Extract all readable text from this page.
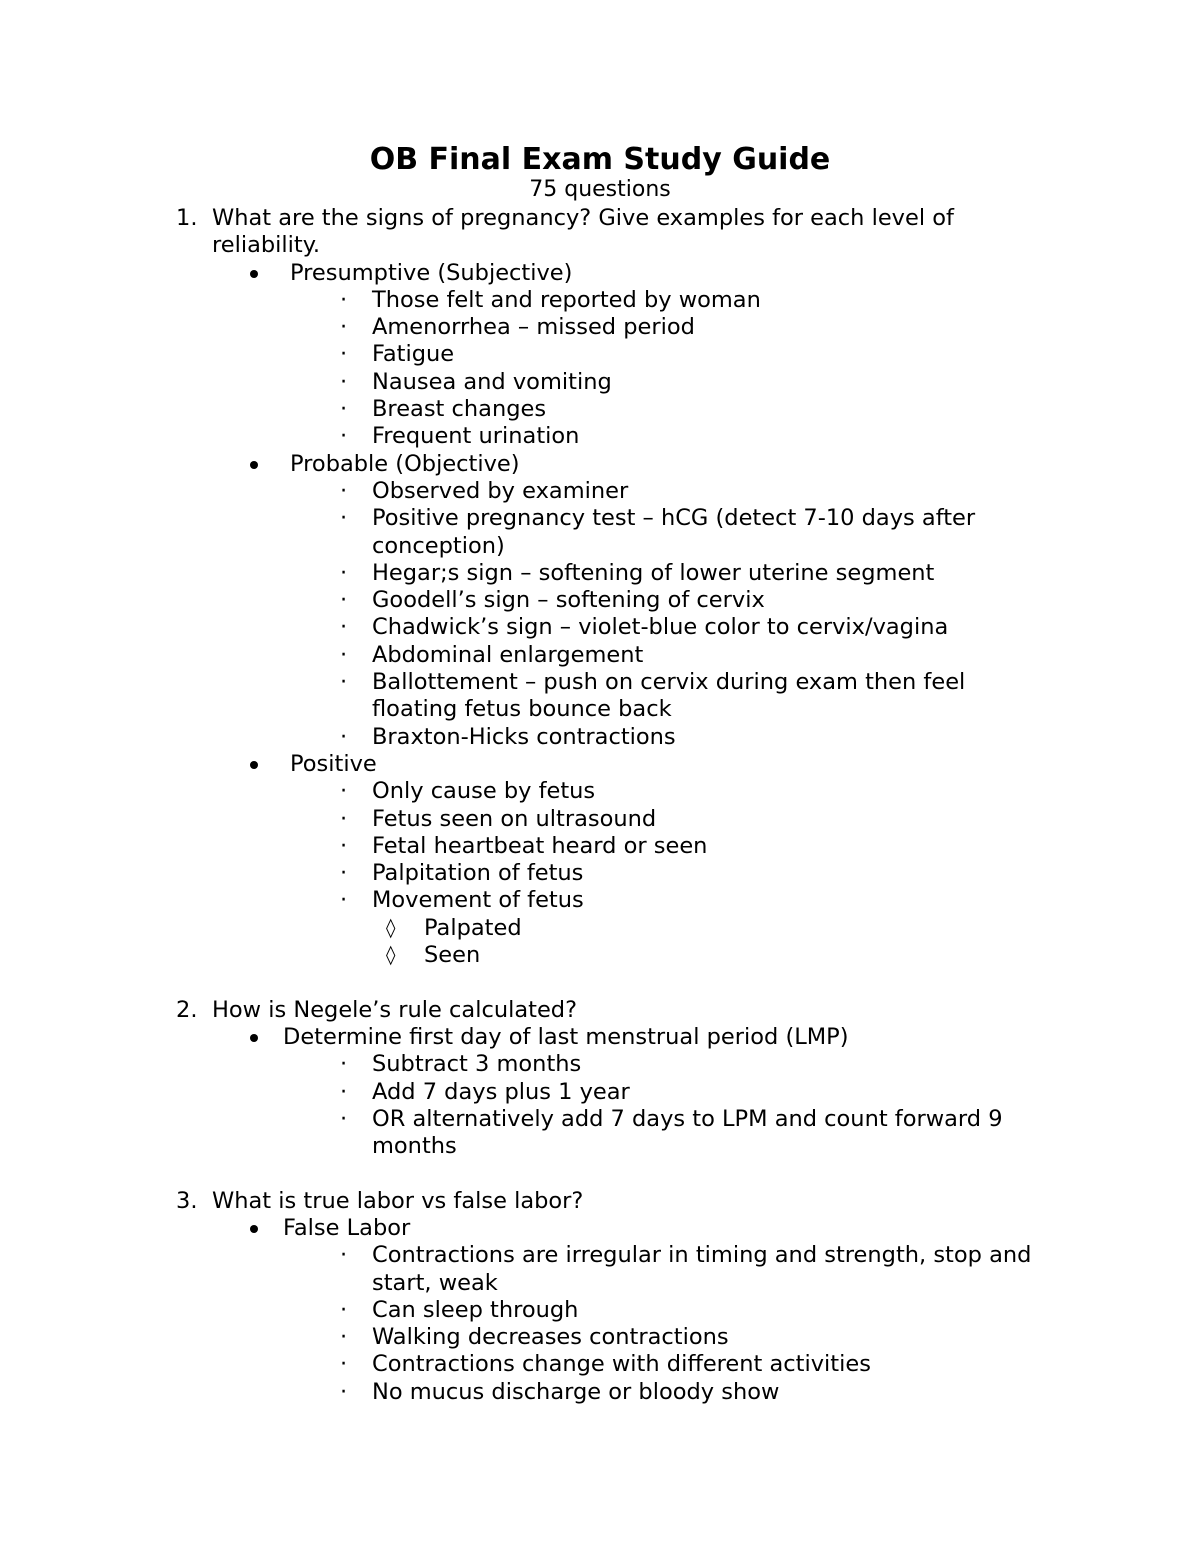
OB Final Exam Study Guide

75 questions

1. What are the signs of pregnancy? Give examples for each level of reliability.
Presumptive (Subjective)
· Those felt and reported by woman
· Amenorrhea – missed period
· Fatigue
· Nausea and vomiting
· Breast changes
· Frequent urination
Probable (Objective)
· Observed by examiner
· Positive pregnancy test – hCG (detect 7-10 days after conception)
· Hegar;s sign – softening of lower uterine segment
· Goodell’s sign – softening of cervix
· Chadwick’s sign – violet-blue color to cervix/vagina
· Abdominal enlargement
· Ballottement – push on cervix during exam then feel floating fetus bounce back
· Braxton-Hicks contractions
Positive
· Only cause by fetus
· Fetus seen on ultrasound
· Fetal heartbeat heard or seen
· Palpitation of fetus
· Movement of fetus
◊ Palpated
◊ Seen
2. How is Negele’s rule calculated?
Determine first day of last menstrual period (LMP)
· Subtract 3 months
· Add 7 days plus 1 year
· OR alternatively add 7 days to LPM and count forward 9 months
3. What is true labor vs false labor?
False Labor
· Contractions are irregular in timing and strength, stop and start, weak
· Can sleep through
· Walking decreases contractions
· Contractions change with different activities
· No mucus discharge or bloody show
